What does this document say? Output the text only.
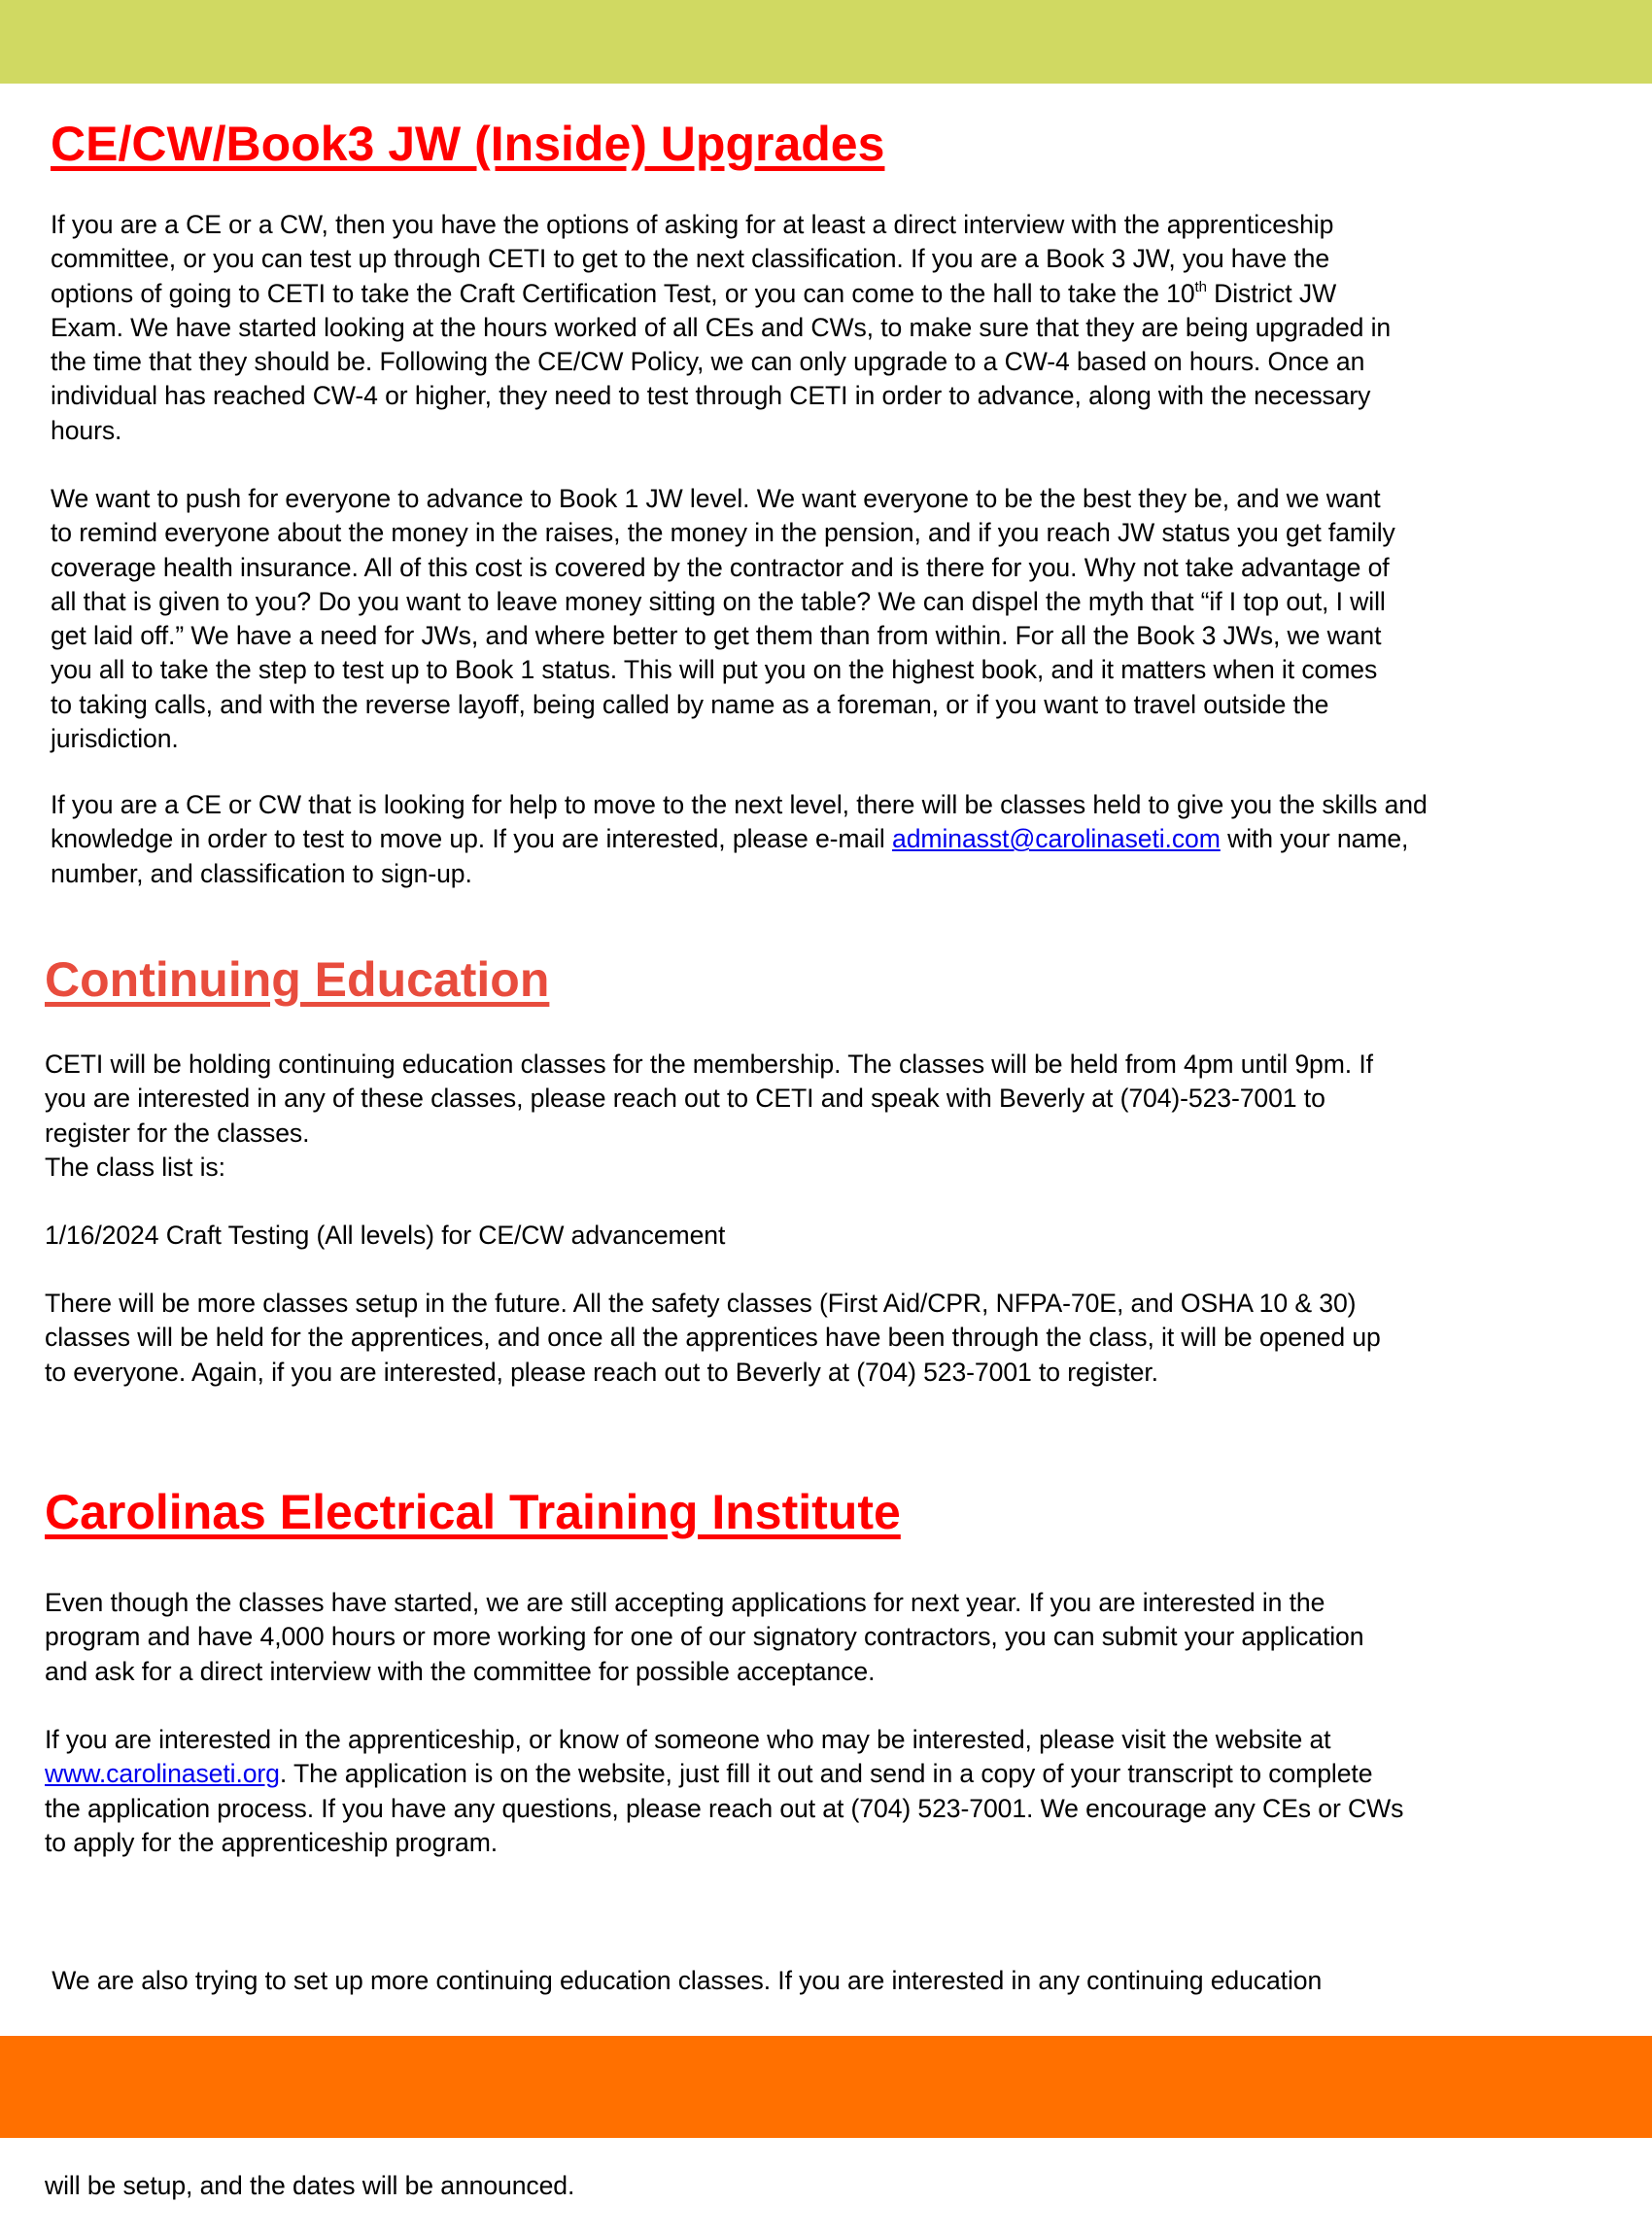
CE/CW/Book3 JW (Inside) Upgrades
If you are a CE or a CW, then you have the options of asking for at least a direct interview with the apprenticeship
committee, or you can test up through CETI to get to the next classification. If you are a Book 3 JW, you have the
options of going to CETI to take the Craft Certification Test, or you can come to the hall to take the 10th District JW
Exam. We have started looking at the hours worked of all CEs and CWs, to make sure that they are being upgraded in
the time that they should be. Following the CE/CW Policy, we can only upgrade to a CW-4 based on hours. Once an
individual has reached CW-4 or higher, they need to test through CETI in order to advance, along with the necessary
hours.
We want to push for everyone to advance to Book 1 JW level. We want everyone to be the best they be, and we want
to remind everyone about the money in the raises, the money in the pension, and if you reach JW status you get family
coverage health insurance. All of this cost is covered by the contractor and is there for you. Why not take advantage of
all that is given to you? Do you want to leave money sitting on the table? We can dispel the myth that “if I top out, I will
get laid off.” We have a need for JWs, and where better to get them than from within. For all the Book 3 JWs, we want
you all to take the step to test up to Book 1 status. This will put you on the highest book, and it matters when it comes
to taking calls, and with the reverse layoff, being called by name as a foreman, or if you want to travel outside the
jurisdiction.
If you are a CE or CW that is looking for help to move to the next level, there will be classes held to give you the skills and
knowledge in order to test to move up. If you are interested, please e-mail adminasst@carolinaseti.com with your name,
number, and classification to sign-up.
Continuing Education
CETI will be holding continuing education classes for the membership. The classes will be held from 4pm until 9pm. If
you are interested in any of these classes, please reach out to CETI and speak with Beverly at (704)-523-7001 to
register for the classes.
The class list is:
1/16/2024 Craft Testing (All levels) for CE/CW advancement
There will be more classes setup in the future. All the safety classes (First Aid/CPR, NFPA-70E, and OSHA 10 & 30)
classes will be held for the apprentices, and once all the apprentices have been through the class, it will be opened up
to everyone. Again, if you are interested, please reach out to Beverly at (704) 523-7001 to register.
Carolinas Electrical Training Institute
Even though the classes have started, we are still accepting applications for next year. If you are interested in the
program and have 4,000 hours or more working for one of our signatory contractors, you can submit your application
and ask for a direct interview with the committee for possible acceptance.
If you are interested in the apprenticeship, or know of someone who may be interested, please visit the website at
www.carolinaseti.org. The application is on the website, just fill it out and send in a copy of your transcript to complete
the application process. If you have any questions, please reach out at (704) 523-7001. We encourage any CEs or CWs
to apply for the apprenticeship program.

We are also trying to set up more continuing education classes. If you are interested in any continuing education

will be setup, and the dates will be announced.
